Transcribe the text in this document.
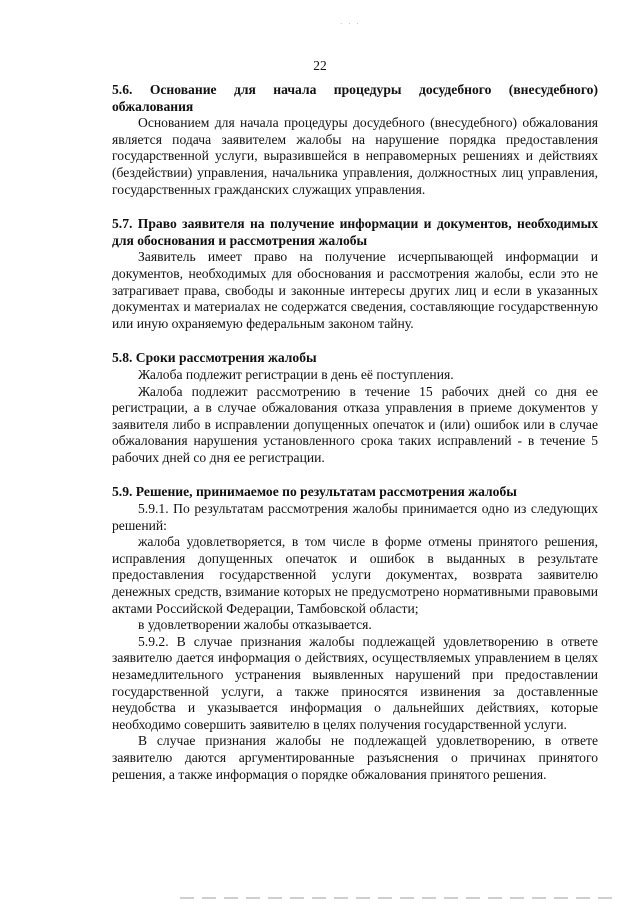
· · ·
22

5.6. Основание для начала процедуры досудебного (внесудебного) обжалования

Основанием для начала процедуры досудебного (внесудебного) обжалования является подача заявителем жалобы на нарушение порядка предоставления государственной услуги, выразившейся в неправомерных решениях и действиях (бездействии) управления, начальника управления, должностных лиц управления, государственных гражданских служащих управления.

5.7. Право заявителя на получение информации и документов, необходимых для обоснования и рассмотрения жалобы

Заявитель имеет право на получение исчерпывающей информации и документов, необходимых для обоснования и рассмотрения жалобы, если это не затрагивает права, свободы и законные интересы других лиц и если в указанных документах и материалах не содержатся сведения, составляющие государственную или иную охраняемую федеральным законом тайну.

5.8. Сроки рассмотрения жалобы

Жалоба подлежит регистрации в день её поступления.

Жалоба подлежит рассмотрению в течение 15 рабочих дней со дня ее регистрации, а в случае обжалования отказа управления в приеме документов у заявителя либо в исправлении допущенных опечаток и (или) ошибок или в случае обжалования нарушения установленного срока таких исправлений - в течение 5 рабочих дней со дня ее регистрации.

5.9. Решение, принимаемое по результатам рассмотрения жалобы

5.9.1. По результатам рассмотрения жалобы принимается одно из следующих решений:

жалоба удовлетворяется, в том числе в форме отмены принятого решения, исправления допущенных опечаток и ошибок в выданных в результате предоставления государственной услуги документах, возврата заявителю денежных средств, взимание которых не предусмотрено нормативными правовыми актами Российской Федерации, Тамбовской области;

в удовлетворении жалобы отказывается.

5.9.2. В случае признания жалобы подлежащей удовлетворению в ответе заявителю дается информация о действиях, осуществляемых управлением в целях незамедлительного устранения выявленных нарушений при предоставлении государственной услуги, а также приносятся извинения за доставленные неудобства и указывается информация о дальнейших действиях, которые необходимо совершить заявителю в целях получения государственной услуги.

В случае признания жалобы не подлежащей удовлетворению, в ответе заявителю даются аргументированные разъяснения о причинах принятого решения, а также информация о порядке обжалования принятого решения.
